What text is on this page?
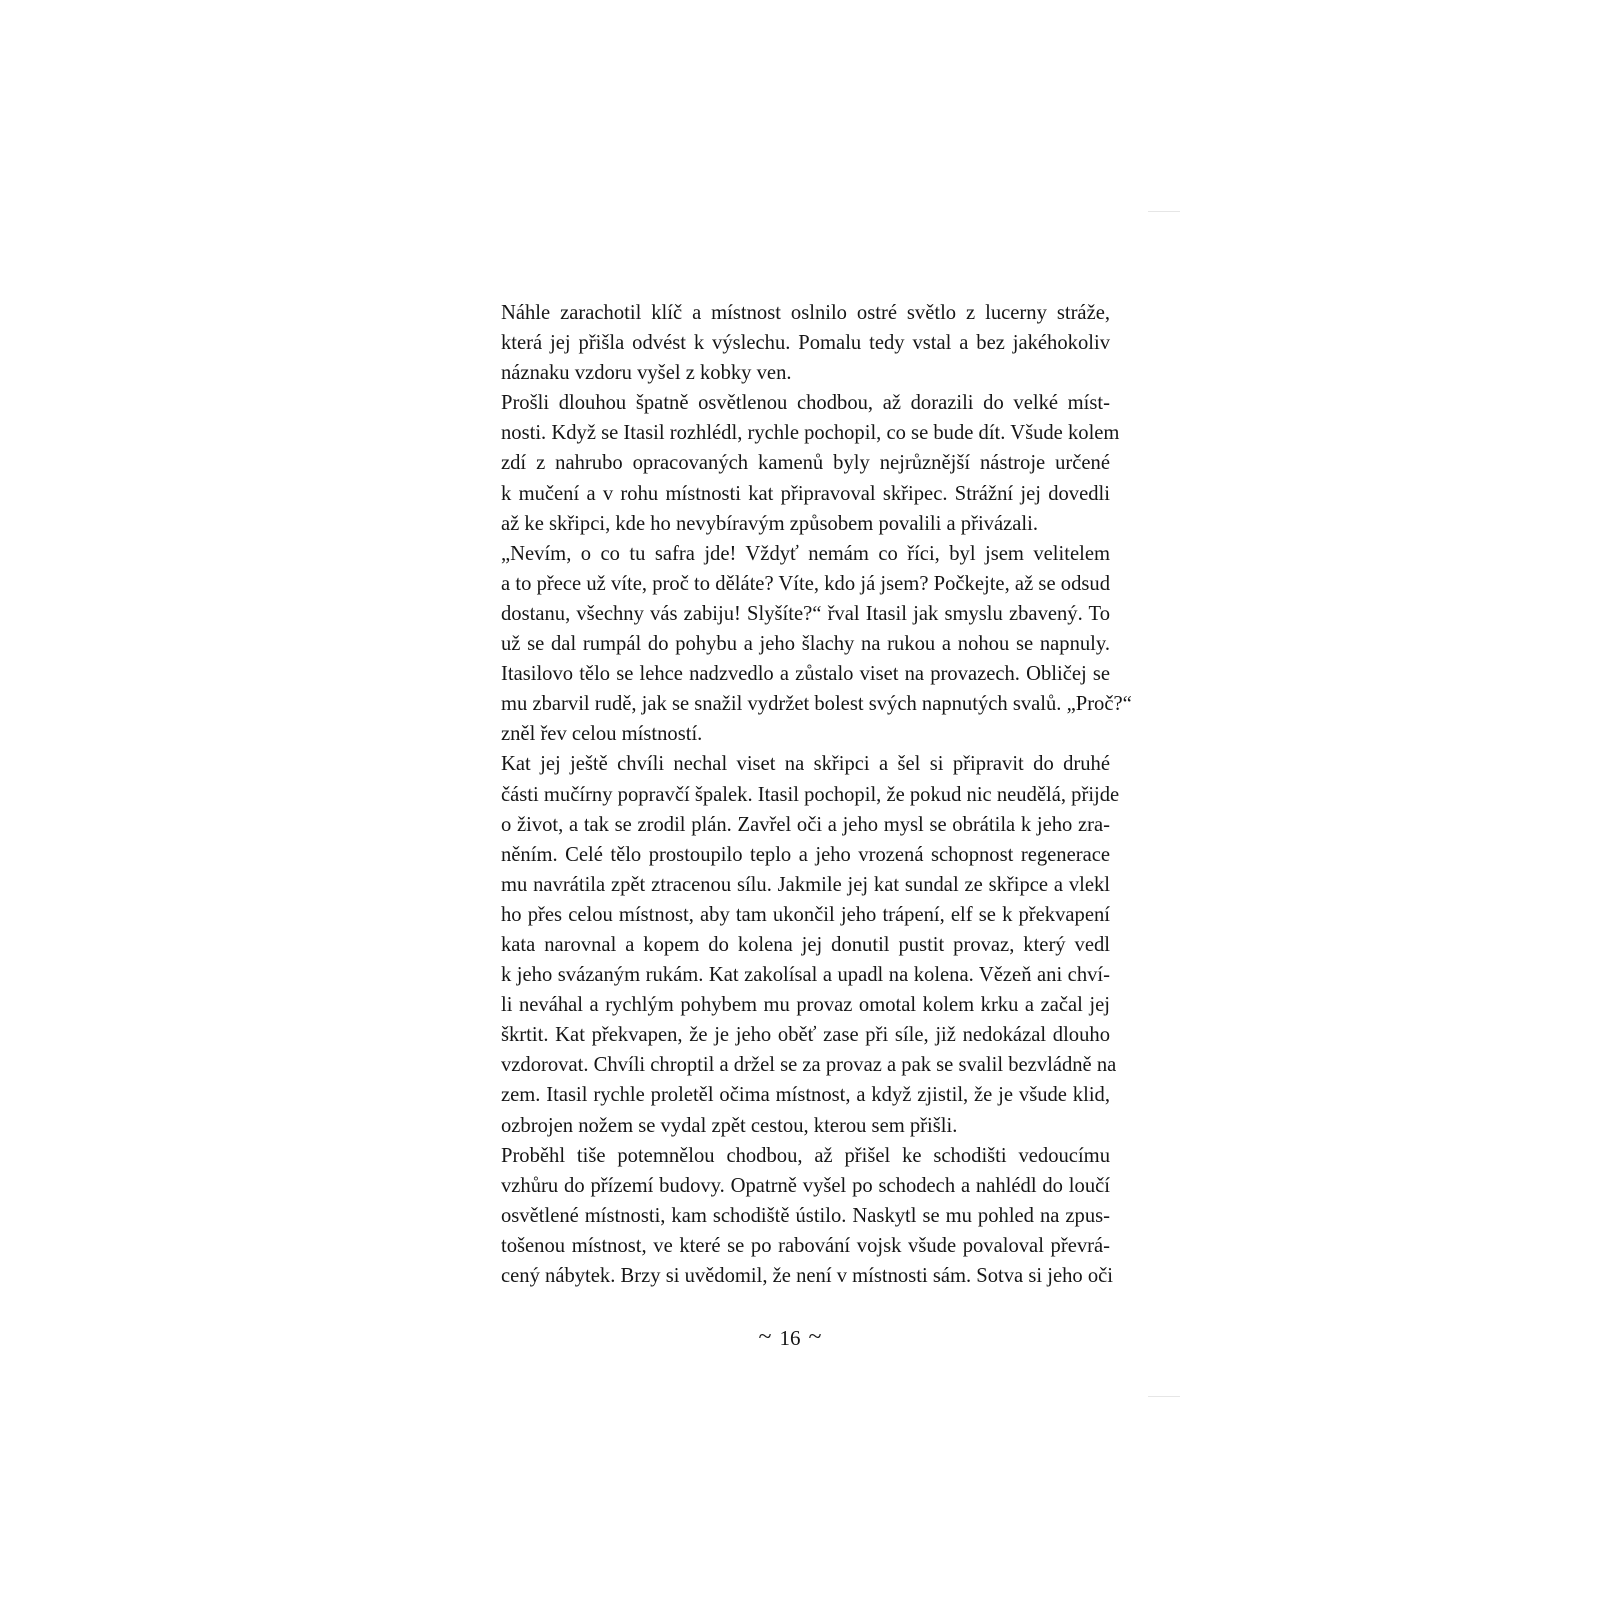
Náhle zarachotil klíč a místnost oslnilo ostré světlo z lucerny stráže,
která jej přišla odvést k výslechu. Pomalu tedy vstal a bez jakéhokoliv
náznaku vzdoru vyšel z kobky ven.

Prošli dlouhou špatně osvětlenou chodbou, až dorazili do velké míst-
nosti. Když se Itasil rozhlédl, rychle pochopil, co se bude dít. Všude kolem
zdí z nahrubo opracovaných kamenů byly nejrůznější nástroje určené
k mučení a v rohu místnosti kat připravoval skřipec. Strážní jej dovedli
až ke skřipci, kde ho nevybíravým způsobem povalili a přivázali.

„Nevím, o co tu safra jde! Vždyť nemám co říci, byl jsem velitelem
a to přece už víte, proč to děláte? Víte, kdo já jsem? Počkejte, až se odsud
dostanu, všechny vás zabiju! Slyšíte?“ řval Itasil jak smyslu zbavený. To
už se dal rumpál do pohybu a jeho šlachy na rukou a nohou se napnuly.
Itasilovo tělo se lehce nadzvedlo a zůstalo viset na provazech. Obličej se
mu zbarvil rudě, jak se snažil vydržet bolest svých napnutých svalů. „Proč?“
zněl řev celou místností.

Kat jej ještě chvíli nechal viset na skřipci a šel si připravit do druhé
části mučírny popravčí špalek. Itasil pochopil, že pokud nic neudělá, přijde
o život, a tak se zrodil plán. Zavřel oči a jeho mysl se obrátila k jeho zra-
něním. Celé tělo prostoupilo teplo a jeho vrozená schopnost regenerace
mu navrátila zpět ztracenou sílu. Jakmile jej kat sundal ze skřipce a vlekl
ho přes celou místnost, aby tam ukončil jeho trápení, elf se k překvapení
kata narovnal a kopem do kolena jej donutil pustit provaz, který vedl
k jeho svázaným rukám. Kat zakolísal a upadl na kolena. Vězeň ani chví-
li neváhal a rychlým pohybem mu provaz omotal kolem krku a začal jej
škrtit. Kat překvapen, že je jeho oběť zase při síle, již nedokázal dlouho
vzdorovat. Chvíli chroptil a držel se za provaz a pak se svalil bezvládně na
zem. Itasil rychle proletěl očima místnost, a když zjistil, že je všude klid,
ozbrojen nožem se vydal zpět cestou, kterou sem přišli.

Proběhl tiše potemnělou chodbou, až přišel ke schodišti vedoucímu
vzhůru do přízemí budovy. Opatrně vyšel po schodech a nahlédl do loučí
osvětlené místnosti, kam schodiště ústilo. Naskytl se mu pohled na zpus-
tošenou místnost, ve které se po rabování vojsk všude povaloval převrá-
cený nábytek. Brzy si uvědomil, že není v místnosti sám. Sotva si jeho oči

~ 16 ~
